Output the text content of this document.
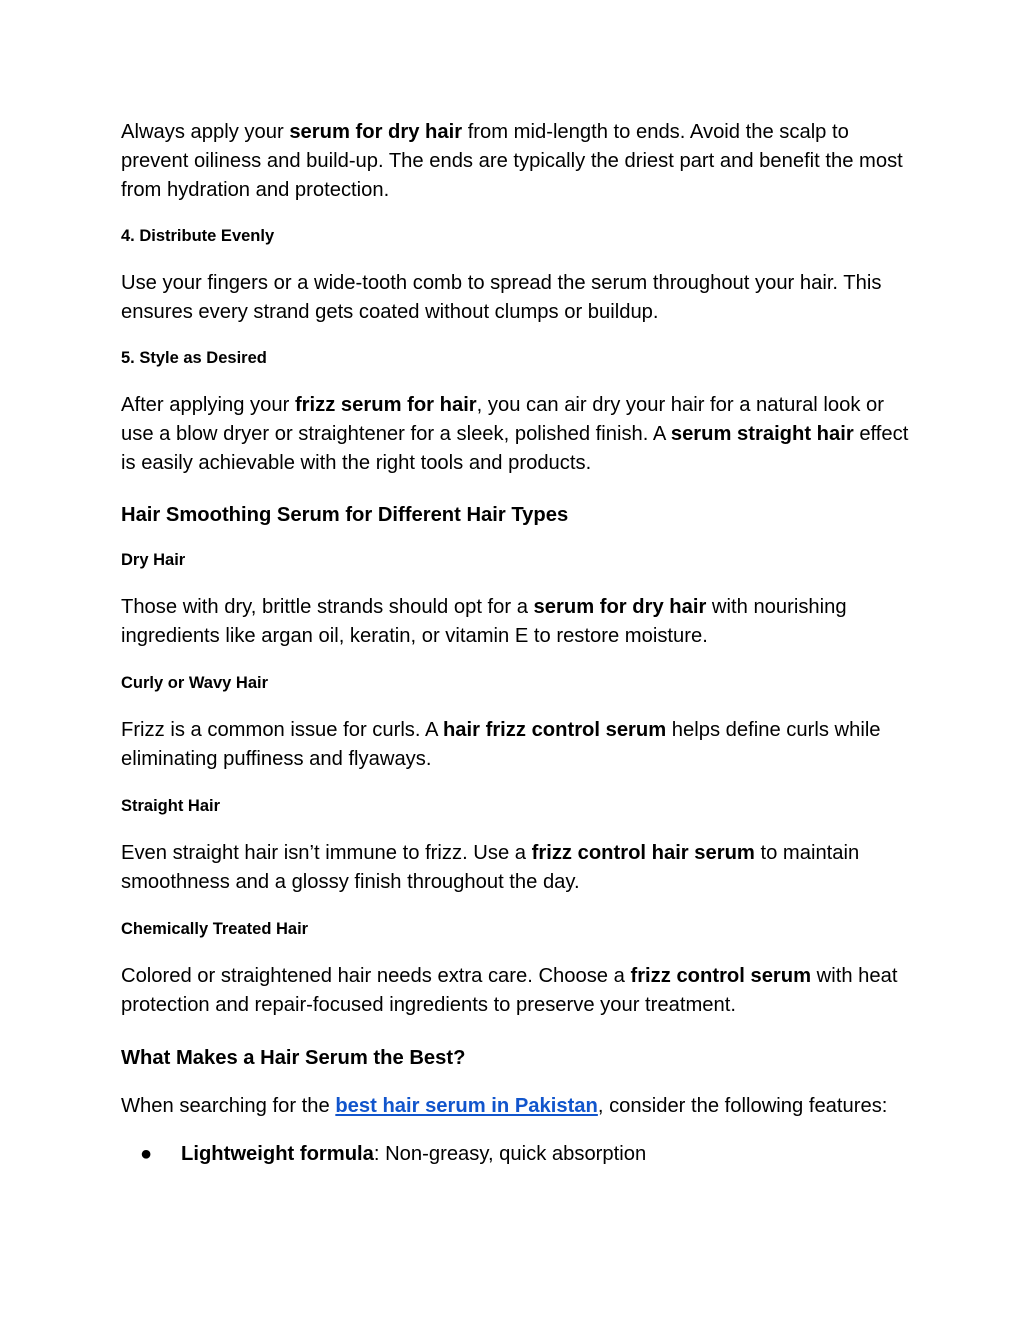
Always apply your serum for dry hair from mid-length to ends. Avoid the scalp to prevent oiliness and build-up. The ends are typically the driest part and benefit the most from hydration and protection.

4. Distribute Evenly

Use your fingers or a wide-tooth comb to spread the serum throughout your hair. This ensures every strand gets coated without clumps or buildup.

5. Style as Desired

After applying your frizz serum for hair, you can air dry your hair for a natural look or use a blow dryer or straightener for a sleek, polished finish. A serum straight hair effect is easily achievable with the right tools and products.

Hair Smoothing Serum for Different Hair Types
Dry Hair

Those with dry, brittle strands should opt for a serum for dry hair with nourishing ingredients like argan oil, keratin, or vitamin E to restore moisture.

Curly or Wavy Hair

Frizz is a common issue for curls. A hair frizz control serum helps define curls while eliminating puffiness and flyaways.

Straight Hair

Even straight hair isn’t immune to frizz. Use a frizz control hair serum to maintain smoothness and a glossy finish throughout the day.

Chemically Treated Hair

Colored or straightened hair needs extra care. Choose a frizz control serum with heat protection and repair-focused ingredients to preserve your treatment.

What Makes a Hair Serum the Best?

When searching for the best hair serum in Pakistan, consider the following features:

● Lightweight formula: Non-greasy, quick absorption
